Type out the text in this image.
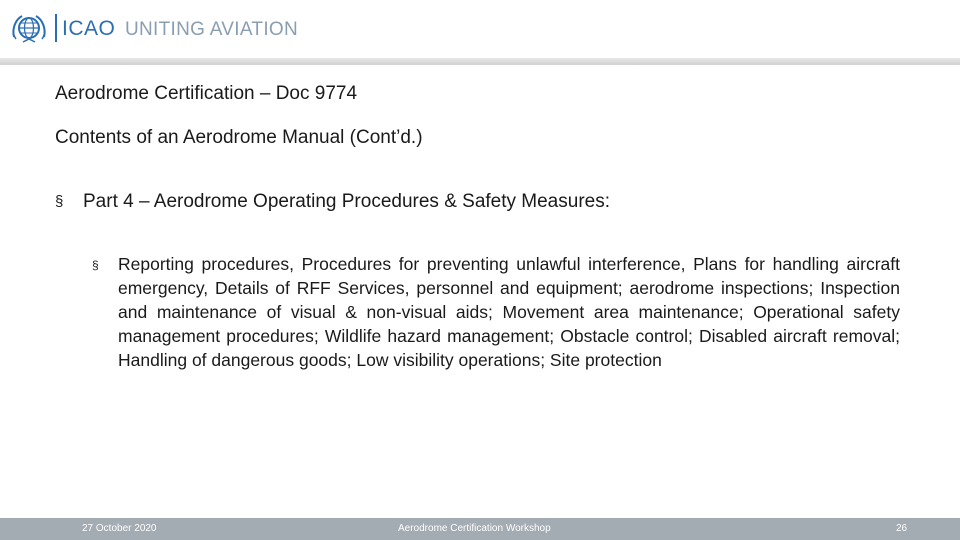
ICAO UNITING AVIATION
Aerodrome Certification – Doc 9774
Contents of an Aerodrome Manual (Cont’d.)
§ Part 4 – Aerodrome Operating Procedures & Safety Measures:
§ Reporting procedures, Procedures for preventing unlawful interference, Plans for handling aircraft emergency, Details of RFF Services, personnel and equipment; aerodrome inspections; Inspection and maintenance of visual & non-visual aids; Movement area maintenance; Operational safety management procedures; Wildlife hazard management; Obstacle control; Disabled aircraft removal; Handling of dangerous goods; Low visibility operations; Site protection
27 October 2020	Aerodrome Certification Workshop	26
